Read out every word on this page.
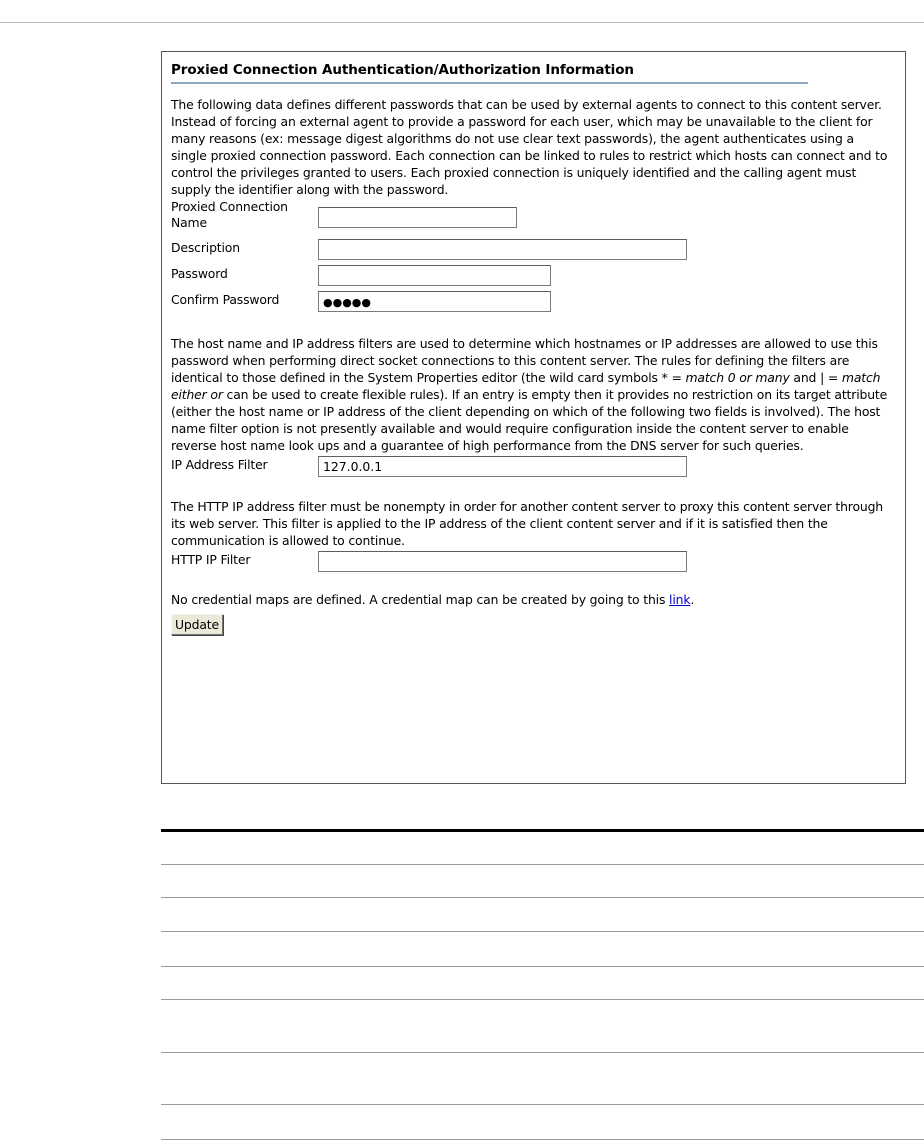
Proxied Connection Authentication/Authorization Information

The following data defines different passwords that can be used by external agents to connect to this content server. Instead of forcing an external agent to provide a password for each user, which may be unavailable to the client for many reasons (ex: message digest algorithms do not use clear text passwords), the agent authenticates using a single proxied connection password. Each connection can be linked to rules to restrict which hosts can connect and to control the privileges granted to users. Each proxied connection is uniquely identified and the calling agent must supply the identifier along with the password.

Proxied Connection Name
Description
Password
Confirm Password	●●●●●

The host name and IP address filters are used to determine which hostnames or IP addresses are allowed to use this password when performing direct socket connections to this content server. The rules for defining the filters are identical to those defined in the System Properties editor (the wild card symbols * = match 0 or many and | = match either or can be used to create flexible rules). If an entry is empty then it provides no restriction on its target attribute (either the host name or IP address of the client depending on which of the following two fields is involved). The host name filter option is not presently available and would require configuration inside the content server to enable reverse host name look ups and a guarantee of high performance from the DNS server for such queries.

IP Address Filter
127.0.0.1

The HTTP IP address filter must be nonempty in order for another content server to proxy this content server through its web server. This filter is applied to the IP address of the client content server and if it is satisfied then the communication is allowed to continue.

HTTP IP Filter

No credential maps are defined. A credential map can be created by going to this link.

Update
